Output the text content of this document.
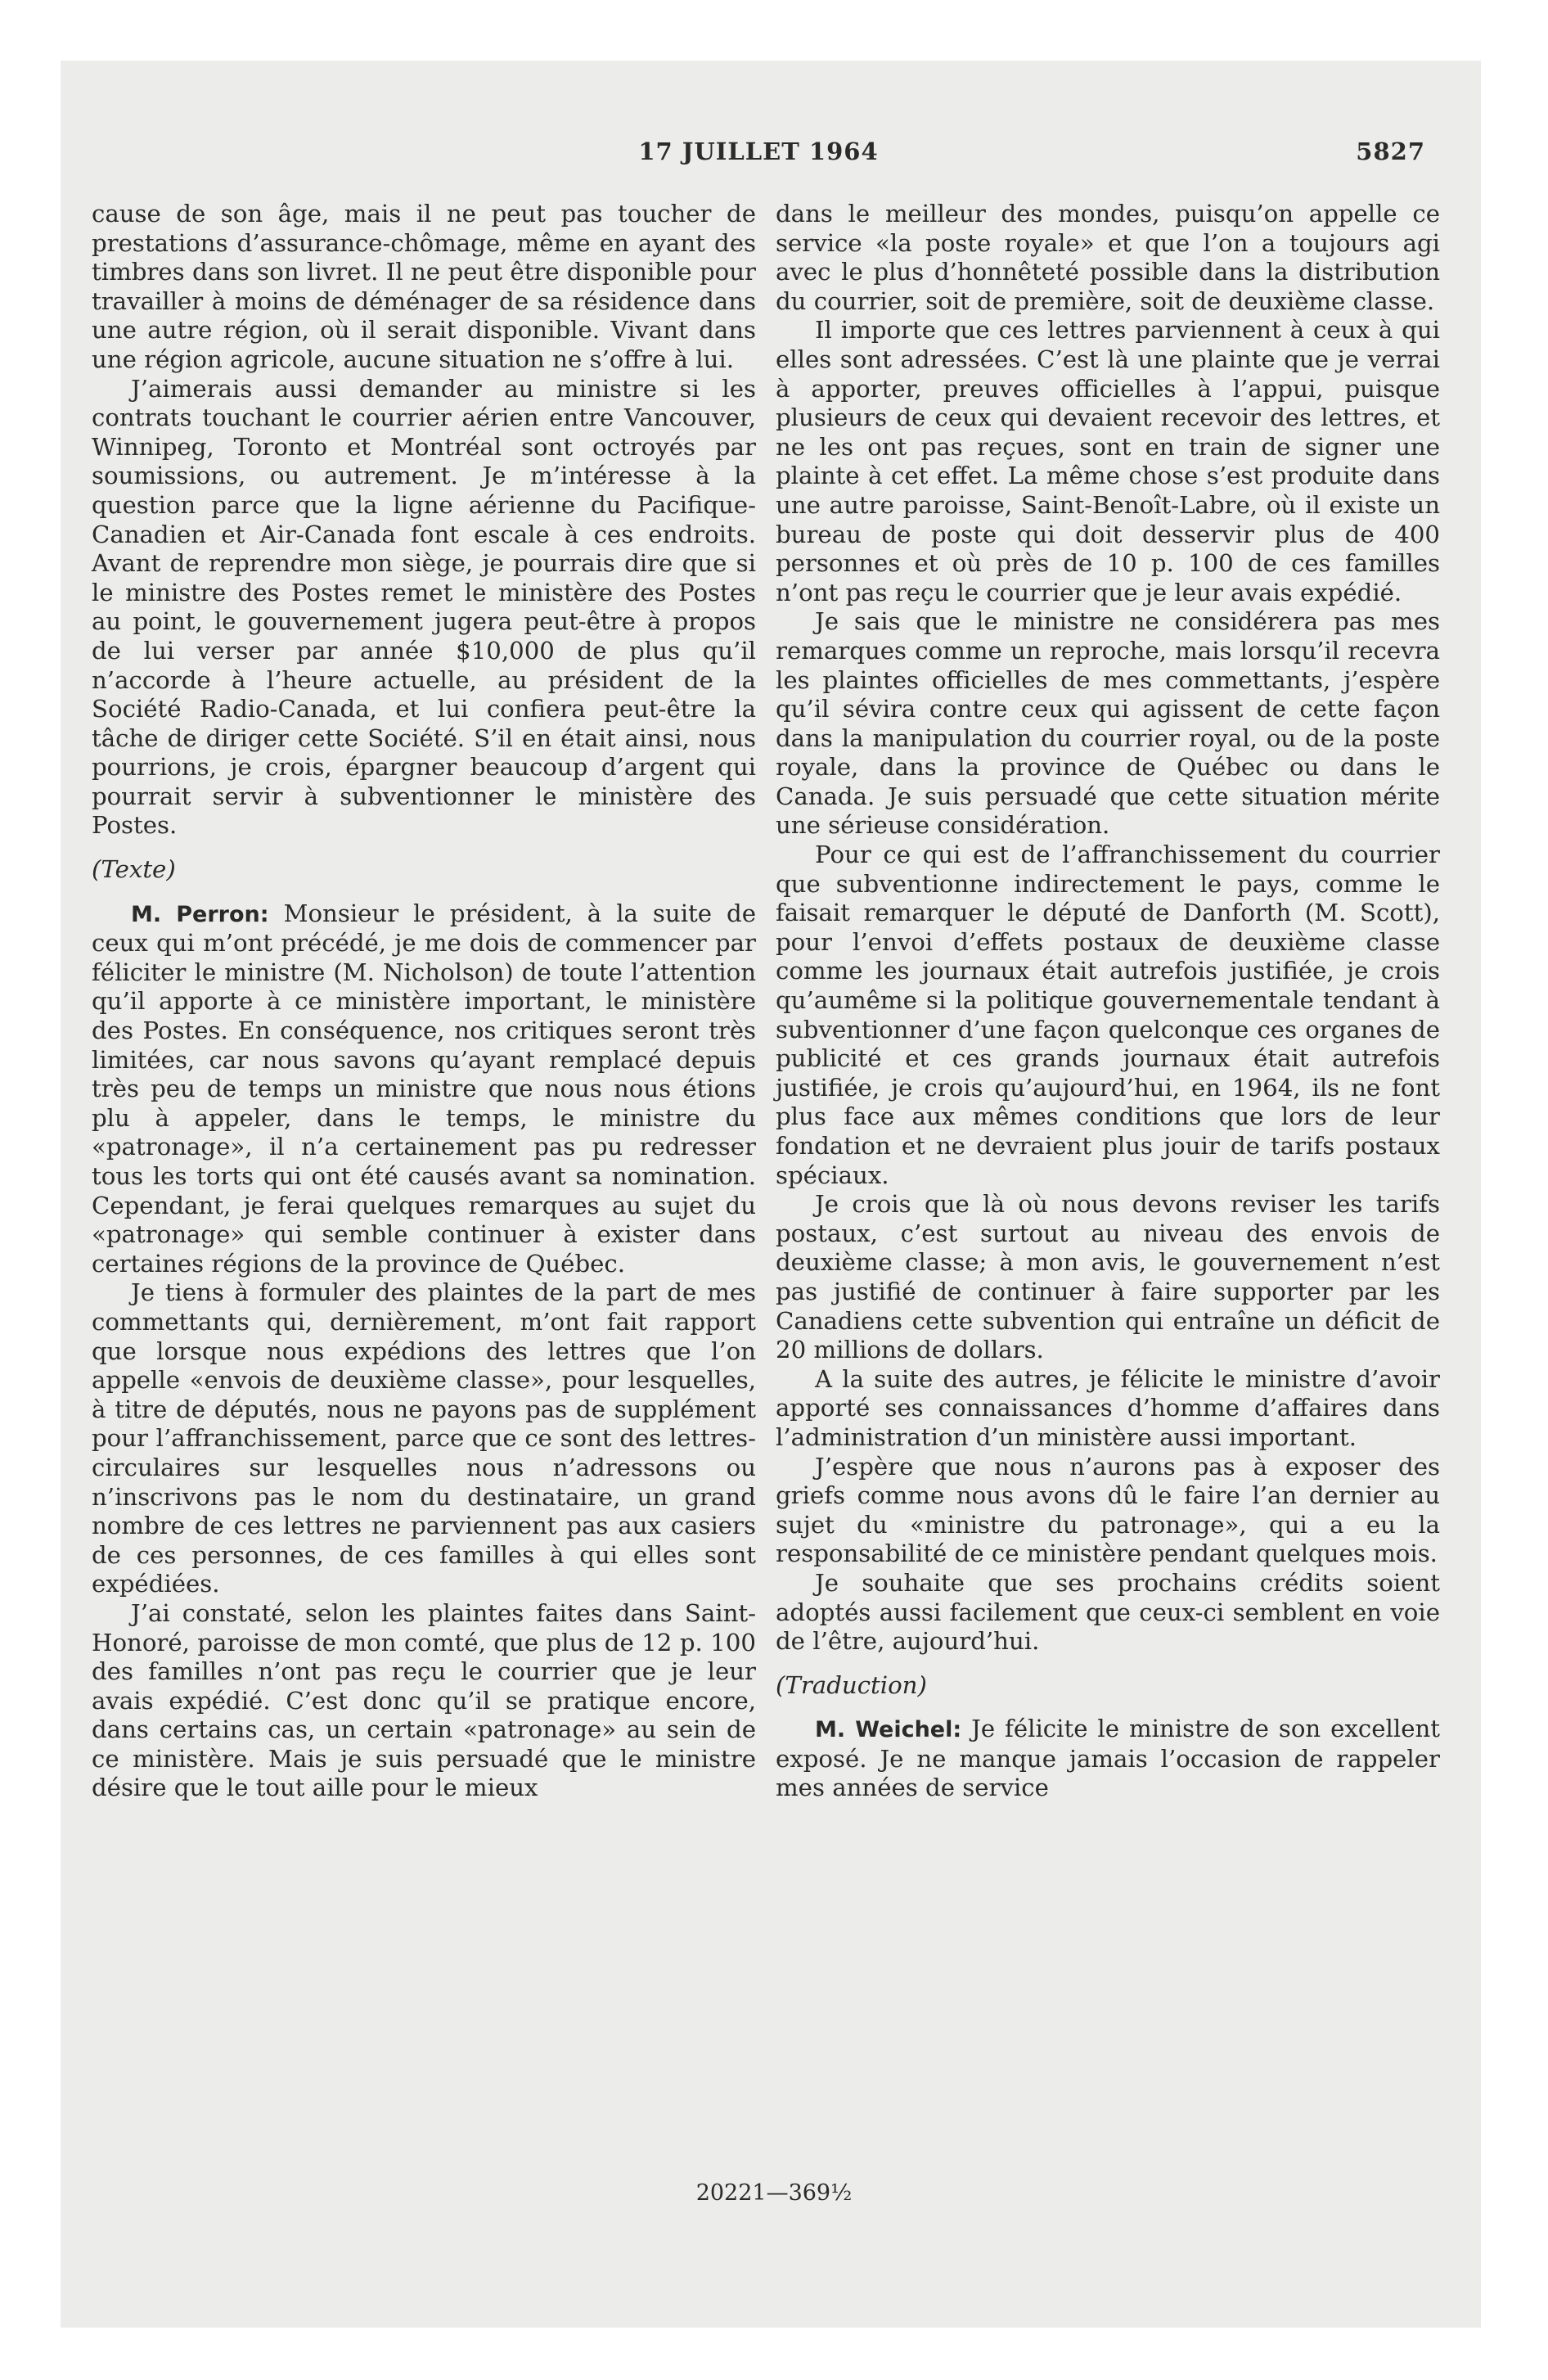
17 JUILLET 1964	5827

cause de son âge, mais il ne peut pas toucher de prestations d’assurance-chômage, même en ayant des timbres dans son livret. Il ne peut être disponible pour travailler à moins de déménager de sa résidence dans une autre région, où il serait disponible. Vivant dans une région agricole, aucune situation ne s’offre à lui.

J’aimerais aussi demander au ministre si les contrats touchant le courrier aérien entre Vancouver, Winnipeg, Toronto et Montréal sont octroyés par soumissions, ou autrement. Je m’intéresse à la question parce que la ligne aérienne du Pacifique-Canadien et Air-Canada font escale à ces endroits. Avant de reprendre mon siège, je pourrais dire que si le ministre des Postes remet le ministère des Postes au point, le gouvernement jugera peut-être à propos de lui verser par année $10,000 de plus qu’il n’accorde à l’heure actuelle, au président de la Société Radio-Canada, et lui confiera peut-être la tâche de diriger cette Société. S’il en était ainsi, nous pourrions, je crois, épargner beaucoup d’argent qui pourrait servir à subventionner le ministère des Postes.

(Texte)

M. Perron: Monsieur le président, à la suite de ceux qui m’ont précédé, je me dois de commencer par féliciter le ministre (M. Nicholson) de toute l’attention qu’il apporte à ce ministère important, le ministère des Postes. En conséquence, nos critiques seront très limitées, car nous savons qu’ayant remplacé depuis très peu de temps un ministre que nous nous étions plu à appeler, dans le temps, le ministre du «patronage», il n’a certainement pas pu redresser tous les torts qui ont été causés avant sa nomination. Cependant, je ferai quelques remarques au sujet du «patronage» qui semble continuer à exister dans certaines régions de la province de Québec.

Je tiens à formuler des plaintes de la part de mes commettants qui, dernièrement, m’ont fait rapport que lorsque nous expédions des lettres que l’on appelle «envois de deuxième classe», pour lesquelles, à titre de députés, nous ne payons pas de supplément pour l’affranchissement, parce que ce sont des lettres-circulaires sur lesquelles nous n’adressons ou n’inscrivons pas le nom du destinataire, un grand nombre de ces lettres ne parviennent pas aux casiers de ces personnes, de ces familles à qui elles sont expédiées.

J’ai constaté, selon les plaintes faites dans Saint-Honoré, paroisse de mon comté, que plus de 12 p. 100 des familles n’ont pas reçu le courrier que je leur avais expédié. C’est donc qu’il se pratique encore, dans certains cas, un certain «patronage» au sein de ce ministère. Mais je suis persuadé que le ministre désire que le tout aille pour le mieux

dans le meilleur des mondes, puisqu’on appelle ce service «la poste royale» et que l’on a toujours agi avec le plus d’honnêteté possible dans la distribution du courrier, soit de première, soit de deuxième classe.

Il importe que ces lettres parviennent à ceux à qui elles sont adressées. C’est là une plainte que je verrai à apporter, preuves officielles à l’appui, puisque plusieurs de ceux qui devaient recevoir des lettres, et ne les ont pas reçues, sont en train de signer une plainte à cet effet. La même chose s’est produite dans une autre paroisse, Saint-Benoît-Labre, où il existe un bureau de poste qui doit desservir plus de 400 personnes et où près de 10 p. 100 de ces familles n’ont pas reçu le courrier que je leur avais expédié.

Je sais que le ministre ne considérera pas mes remarques comme un reproche, mais lorsqu’il recevra les plaintes officielles de mes commettants, j’espère qu’il sévira contre ceux qui agissent de cette façon dans la manipulation du courrier royal, ou de la poste royale, dans la province de Québec ou dans le Canada. Je suis persuadé que cette situation mérite une sérieuse considération.

Pour ce qui est de l’affranchissement du courrier que subventionne indirectement le pays, comme le faisait remarquer le député de Danforth (M. Scott), pour l’envoi d’effets postaux de deuxième classe comme les journaux était autrefois justifiée, je crois qu’aumême si la politique gouvernementale tendant à subventionner d’une façon quelconque ces organes de publicité et ces grands journaux était autrefois justifiée, je crois qu’aujourd’hui, en 1964, ils ne font plus face aux mêmes conditions que lors de leur fondation et ne devraient plus jouir de tarifs postaux spéciaux.

Je crois que là où nous devons reviser les tarifs postaux, c’est surtout au niveau des envois de deuxième classe; à mon avis, le gouvernement n’est pas justifié de continuer à faire supporter par les Canadiens cette subvention qui entraîne un déficit de 20 millions de dollars.

A la suite des autres, je félicite le ministre d’avoir apporté ses connaissances d’homme d’affaires dans l’administration d’un ministère aussi important.

J’espère que nous n’aurons pas à exposer des griefs comme nous avons dû le faire l’an dernier au sujet du «ministre du patronage», qui a eu la responsabilité de ce ministère pendant quelques mois.

Je souhaite que ses prochains crédits soient adoptés aussi facilement que ceux-ci semblent en voie de l’être, aujourd’hui.

(Traduction)

M. Weichel: Je félicite le ministre de son excellent exposé. Je ne manque jamais l’occasion de rappeler mes années de service

20221—369½
